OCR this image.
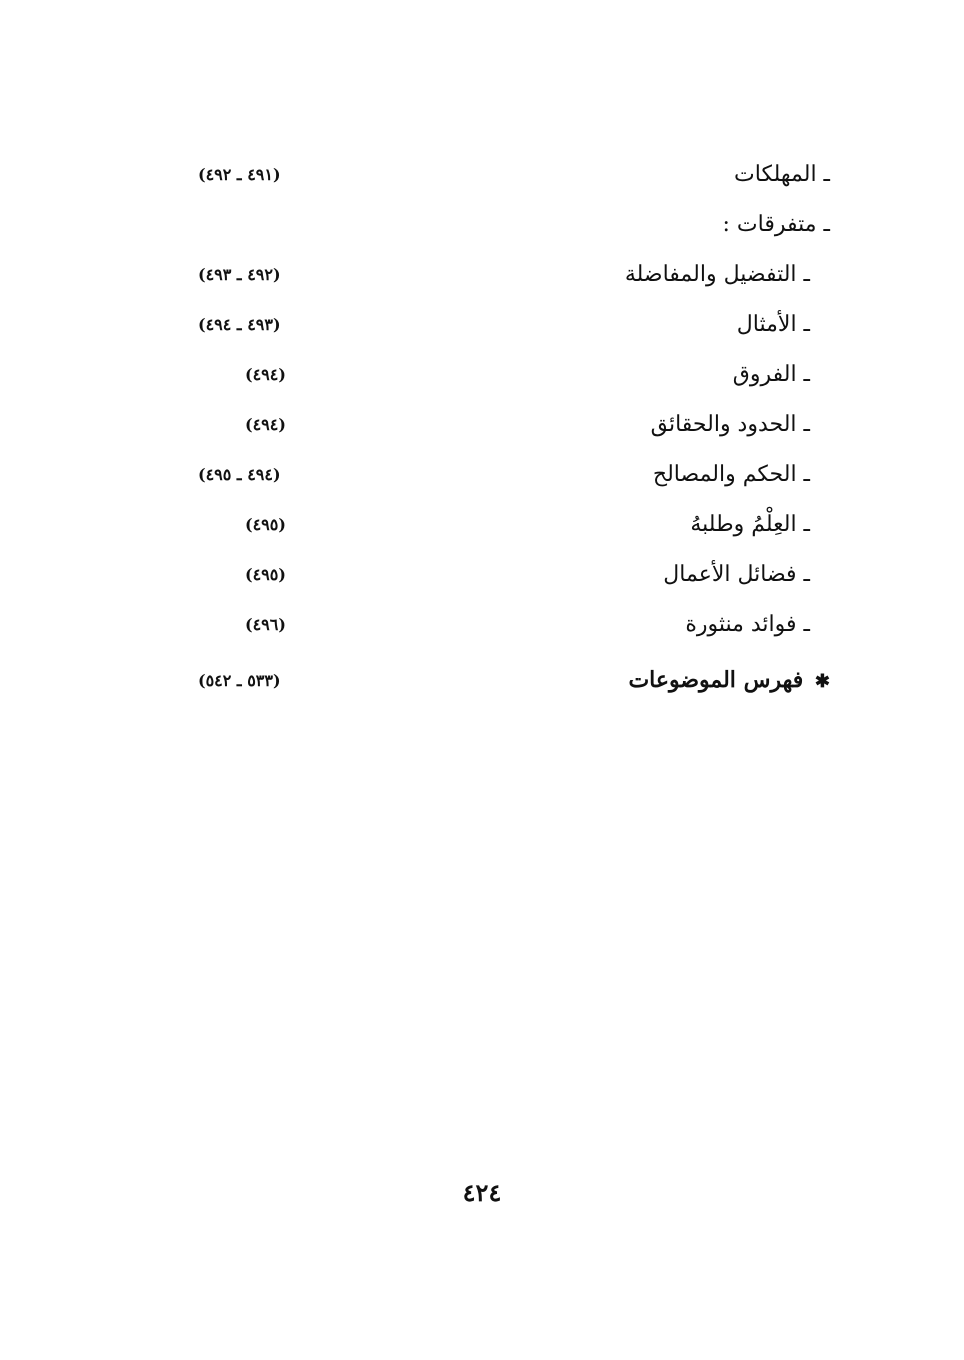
ـ المهلكات
(٤٩١ ـ ٤٩٢)
ـ متفرقات :
ـ التفضيل والمفاضلة
(٤٩٢ ـ ٤٩٣)
ـ الأمثال
(٤٩٣ ـ ٤٩٤)
ـ الفروق
(٤٩٤)
ـ الحدود والحقائق
(٤٩٤)
ـ الحكم والمصالح
(٤٩٤ ـ ٤٩٥)
ـ العِلْمُ وطلبهُ
(٤٩٥)
ـ فضائل الأعمال
(٤٩٥)
ـ فوائد منثورة
(٤٩٦)
✱ فهرس الموضوعات
(٥٣٣ ـ ٥٤٢)
٤٢٤
